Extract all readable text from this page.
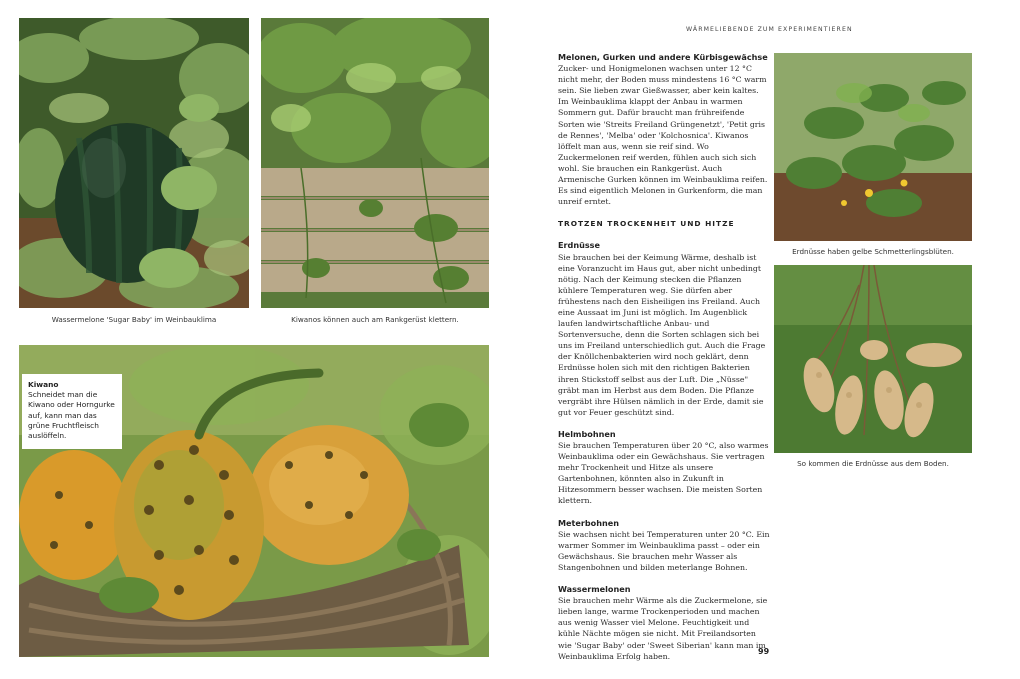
Wassermelone 'Sugar Baby' im Weinbauklima	Kiwanos können auch am Rankgerüst klettern.
Kiwano
Schneidet man die Kiwano oder Horngurke auf, kann man das grüne Fruchtfleisch auslöffeln.
WÄRMELIEBENDE ZUM EXPERIMENTIEREN
Melonen, Gurken und andere Kürbisgewächse

Zucker- und Honigmelonen wachsen unter 12 °C nicht mehr, der Boden muss mindestens 16 °C warm sein. Sie lieben zwar Gießwasser, aber kein kaltes. Im Weinbauklima klappt der Anbau in warmen Sommern gut. Dafür braucht man frühreifende Sorten wie 'Streits Freiland Grüngenetzt', 'Petit gris de Rennes', 'Melba' oder 'Kolchosnica'. Kiwanos löffelt man aus, wenn sie reif sind. Wo Zuckermelonen reif werden, fühlen auch sich sich wohl. Sie brauchen ein Rankgerüst. Auch Armenische Gurken können im Weinbauklima reifen. Es sind eigentlich Melonen in Gurkenform, die man unreif erntet.

TROTZEN TROCKENHEIT UND HITZE
Erdnüsse

Sie brauchen bei der Keimung Wärme, deshalb ist eine Voranzucht im Haus gut, aber nicht unbedingt nötig. Nach der Keimung stecken die Pflanzen kühlere Temperaturen weg. Sie dürfen aber frühestens nach den Eisheiligen ins Freiland. Auch eine Aussaat im Juni ist möglich. Im Augenblick laufen landwirtschaftliche Anbau- und Sortenversuche, denn die Sorten schlagen sich bei uns im Freiland unterschiedlich gut. Auch die Frage der Knöllchenbakterien wird noch geklärt, denn Erdnüsse holen sich mit den richtigen Bakterien ihren Stickstoff selbst aus der Luft. Die „Nüsse" gräbt man im Herbst aus dem Boden. Die Pflanze vergräbt ihre Hülsen nämlich in der Erde, damit sie gut vor Feuer geschützt sind.

Helmbohnen

Sie brauchen Temperaturen über 20 °C, also warmes Weinbauklima oder ein Gewächshaus. Sie vertragen mehr Trockenheit und Hitze als unsere Gartenbohnen, könnten also in Zukunft in Hitzesommern besser wachsen. Die meisten Sorten klettern.

Meterbohnen

Sie wachsen nicht bei Temperaturen unter 20 °C. Ein warmer Sommer im Weinbauklima passt – oder ein Gewächshaus. Sie brauchen mehr Wasser als Stangenbohnen und bilden meterlange Bohnen.

Wassermelonen

Sie brauchen mehr Wärme als die Zuckermelone, sie lieben lange, warme Trockenperioden und machen aus wenig Wasser viel Melone. Feuchtigkeit und kühle Nächte mögen sie nicht. Mit Freilandsorten wie 'Sugar Baby' oder 'Sweet Siberian' kann man im Weinbauklima Erfolg haben.

Erdnüsse haben gelbe Schmetterlingsblüten.
So kommen die Erdnüsse aus dem Boden.
99
